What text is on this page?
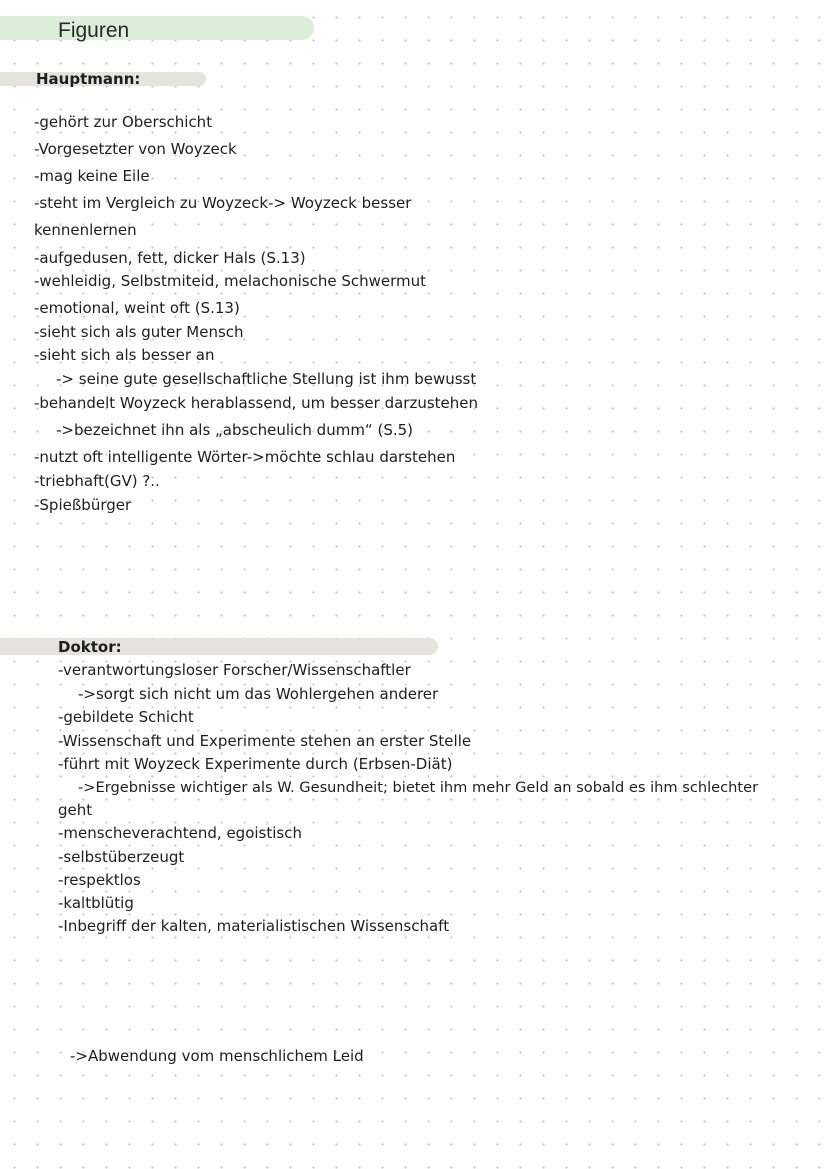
Figuren
Hauptmann:
-gehört zur Oberschicht
-Vorgesetzter von Woyzeck
-mag keine Eile
-steht im Vergleich zu Woyzeck-> Woyzeck besser
kennenlernen
-aufgedusen, fett, dicker Hals (S.13)
-wehleidig, Selbstmiteid, melachonische Schwermut
-emotional, weint oft (S.13)
-sieht sich als guter Mensch
-sieht sich als besser an
-> seine gute gesellschaftliche Stellung ist ihm bewusst
-behandelt Woyzeck herablassend, um besser darzustehen
->bezeichnet ihn als „abscheulich dumm“ (S.5)
-nutzt oft intelligente Wörter->möchte schlau darstehen
-triebhaft(GV) ?..
-Spießbürger
Doktor:
-verantwortungsloser Forscher/Wissenschaftler
->sorgt sich nicht um das Wohlergehen anderer
-gebildete Schicht
-Wissenschaft und Experimente stehen an erster Stelle
-führt mit Woyzeck Experimente durch (Erbsen-Diät)
->Ergebnisse wichtiger als W. Gesundheit; bietet ihm mehr Geld an sobald es ihm schlechter
geht
-menscheverachtend, egoistisch
-selbstüberzeugt
-respektlos
-kaltblütig
-Inbegriff der kalten, materialistischen Wissenschaft
->Abwendung vom menschlichem Leid
